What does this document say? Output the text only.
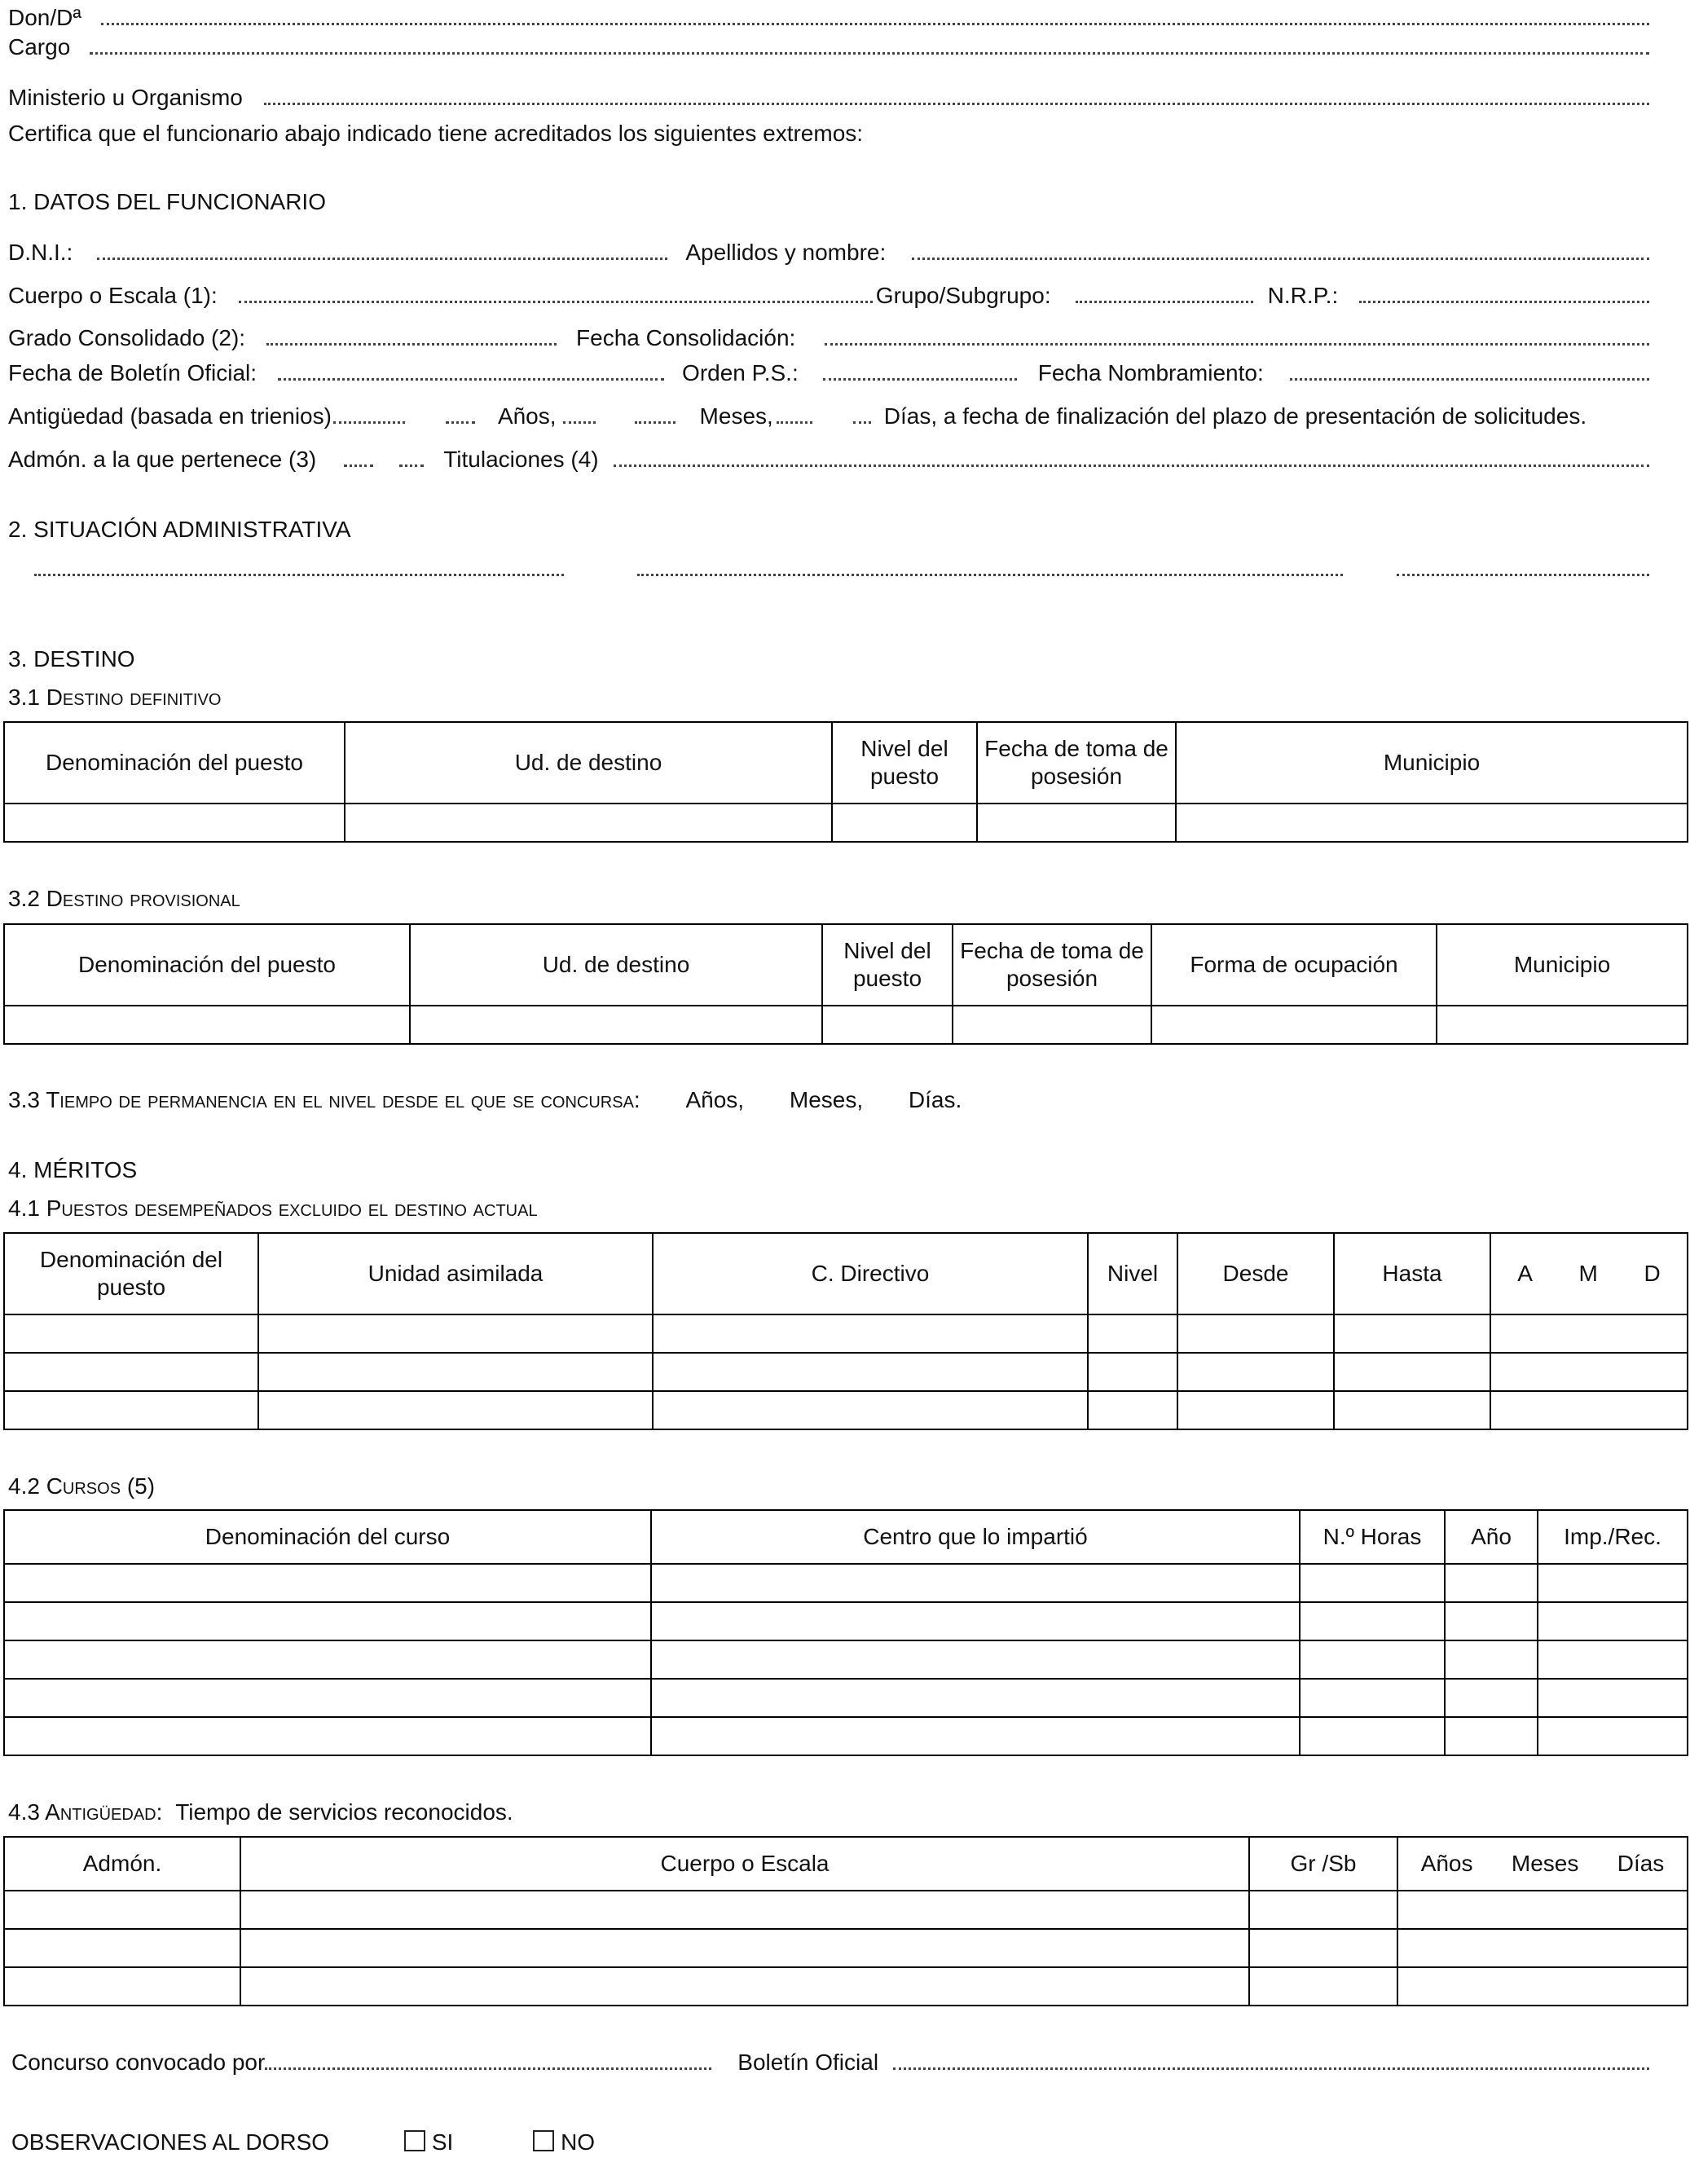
Don/Dª
Cargo
Ministerio u Organismo
Certifica que el funcionario abajo indicado tiene acreditados los siguientes extremos:
1. DATOS DEL FUNCIONARIO
D.N.I.:	Apellidos y nombre:
Cuerpo o Escala (1):	Grupo/Subgrupo:	N.R.P.:
Grado Consolidado (2):	Fecha Consolidación:
Fecha de Boletín Oficial:	Orden P.S.:	Fecha Nombramiento:
Antigüedad (basada en trienios)	Años,	Meses,	Días, a fecha de finalización del plazo de presentación de solicitudes.
Admón. a la que pertenece (3)	Titulaciones (4)
2. SITUACIÓN ADMINISTRATIVA
3. DESTINO
3.1 Destino definitivo
Denominación del puesto	Ud. de destino	Nivel del puesto	Fecha de toma de posesión	Municipio

3.2 Destino provisional
Denominación del puesto	Ud. de destino	Nivel del puesto	Fecha de toma de posesión	Forma de ocupación	Municipio

3.3 Tiempo de permanencia en el nivel desde el que se concursa: Años, Meses, Días.
4. MÉRITOS
4.1 Puestos desempeñados excluido el destino actual
Denominación del puesto	Unidad asimilada	C. Directivo	Nivel	Desde	Hasta	A M D

4.2 Cursos (5)
Denominación del curso	Centro que lo impartió	N.º Horas	Año	Imp./Rec.

4.3 Antigüedad: Tiempo de servicios reconocidos.
Admón.	Cuerpo o Escala	Gr /Sb	Años Meses Días

Concurso convocado por	Boletín Oficial
OBSERVACIONES AL DORSO	SI	NO
